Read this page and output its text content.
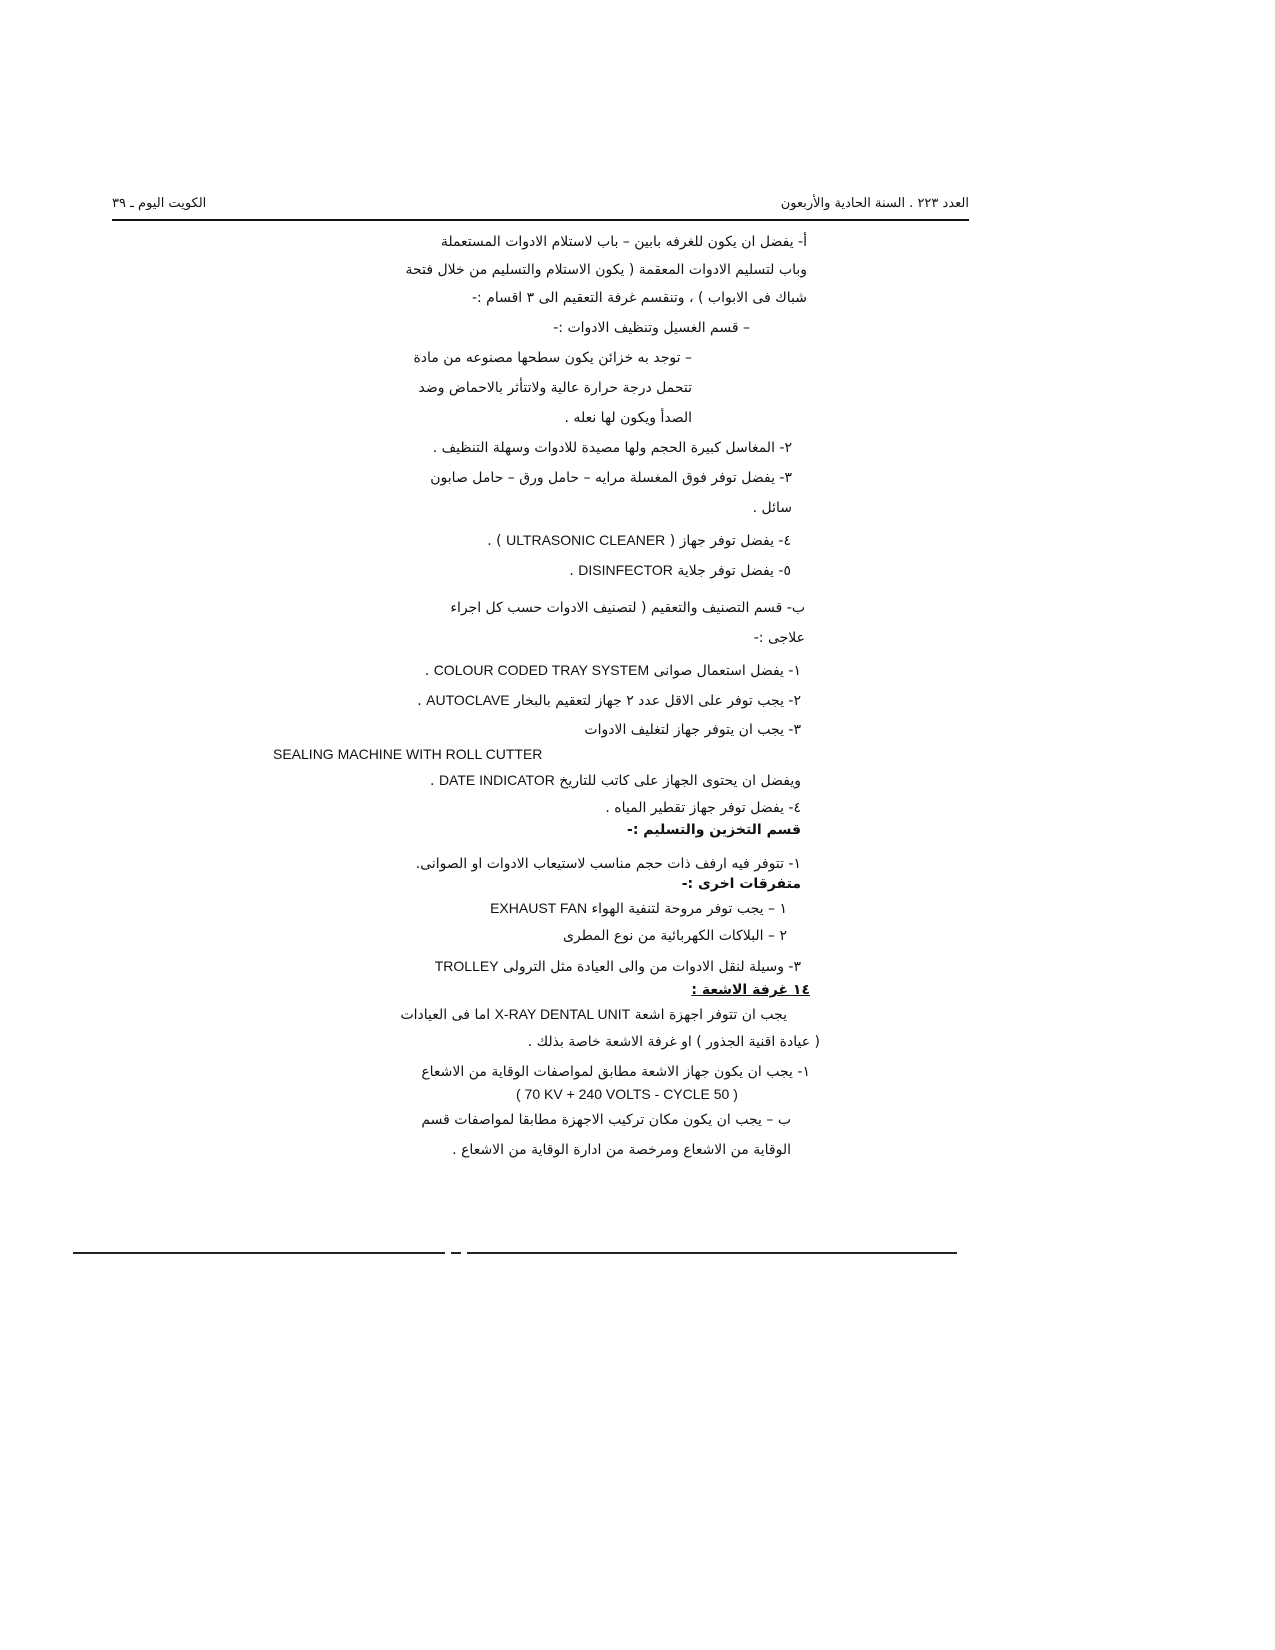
العدد ٢٢٣ . السنة الحادية والأربعون
الكويت اليوم ـ ٣٩
أ- يفضل ان يكون للغرفه بابين – باب لاستلام الادوات المستعملة
وباب لتسليم الادوات المعقمة ( يكون الاستلام والتسليم من خلال فتحة
شباك فى الابواب ) ، وتنقسم غرفة التعقيم الى ٣ اقسام :-
– قسم الغسيل وتنظيف الادوات :-
– توجد به خزائن يكون سطحها مصنوعه من مادة
تتحمل درجة حرارة عالية ولاتتأثر بالاحماض وضد
الصدأ ويكون لها نعله .
٢- المغاسل كبيرة الحجم ولها مصيدة للادوات وسهلة التنظيف .
٣- يفضل توفر فوق المغسلة مرايه – حامل ورق – حامل صابون
سائل .
٤- يفضل توفر جهاز ( ULTRASONIC CLEANER ) .
٥- يفضل توفر جلاية DISINFECTOR .
ب- قسم التصنيف والتعقيم ( لتصنيف الادوات حسب كل اجراء
علاجى :-
١- يفضل استعمال صوانى COLOUR CODED TRAY SYSTEM .
٢- يجب توفر على الاقل عدد ٢ جهاز لتعقيم بالبخار AUTOCLAVE .
٣- يجب ان يتوفر جهاز لتغليف الادوات
SEALING MACHINE WITH ROLL CUTTER
ويفضل ان يحتوى الجهاز على كاتب للتاريخ DATE INDICATOR .
٤- يفضل توفر جهاز تقطير المياه .
قسم التخزين والتسليم :-
١- تتوفر فيه ارفف ذات حجم مناسب لاستيعاب الادوات او الصوانى.
متفرقات اخرى :-
١ – يجب توفر مروحة لتنفية الهواء EXHAUST FAN
٢ – البلاكات الكهربائية من نوع المطرى
٣- وسيلة لنقل الادوات من والى العيادة مثل الترولى TROLLEY
١٤ غرفة الاشعة :
يجب ان تتوفر اجهزة اشعة X-RAY DENTAL UNIT اما فى العيادات
( عيادة اقنية الجذور ) او غرفة الاشعة خاصة بذلك .
١- يجب ان يكون جهاز الاشعة مطابق لمواصفات الوقاية من الاشعاع
( 70 KV + 240 VOLTS - CYCLE 50 )
ب – يجب ان يكون مكان تركيب الاجهزة مطابقا لمواصفات قسم
الوقاية من الاشعاع ومرخصة من ادارة الوقاية من الاشعاع .
